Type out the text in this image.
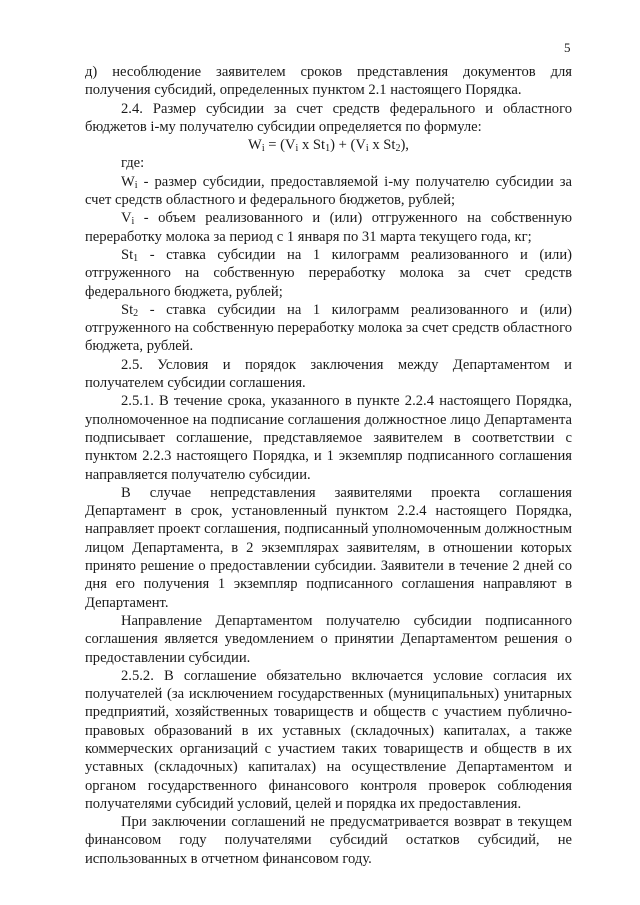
5

д) несоблюдение заявителем сроков представления документов для получения субсидий, определенных пунктом 2.1 настоящего Порядка.

2.4. Размер субсидии за счет средств федерального и областного бюджетов i-му получателю субсидии определяется по формуле:

$W_i = (V_i$ x $St_1) + (V_i$ x $St_2$),

где:

$W_i$ - размер субсидии, предоставляемой i-му получателю субсидии за счет средств областного и федерального бюджетов, рублей;

$V_i$ - объем реализованного и (или) отгруженного на собственную переработку молока за период с 1 января по 31 марта текущего года, кг;

$St_1$ - ставка субсидии на 1 килограмм реализованного и (или) отгруженного на собственную переработку молока за счет средств федерального бюджета, рублей;

$St_2$ - ставка субсидии на 1 килограмм реализованного и (или) отгруженного на собственную переработку молока за счет средств областного бюджета, рублей.

2.5. Условия и порядок заключения между Департаментом и получателем субсидии соглашения.

2.5.1. В течение срока, указанного в пункте 2.2.4 настоящего Порядка, уполномоченное на подписание соглашения должностное лицо Департамента подписывает соглашение, представляемое заявителем в соответствии с пунктом 2.2.3 настоящего Порядка, и 1 экземпляр подписанного соглашения направляется получателю субсидии.

В случае непредставления заявителями проекта соглашения Департамент в срок, установленный пунктом 2.2.4 настоящего Порядка, направляет проект соглашения, подписанный уполномоченным должностным лицом Департамента, в 2 экземплярах заявителям, в отношении которых принято решение о предоставлении субсидии. Заявители в течение 2 дней со дня его получения 1 экземпляр подписанного соглашения направляют в Департамент.

Направление Департаментом получателю субсидии подписанного соглашения является уведомлением о принятии Департаментом решения о предоставлении субсидии.

2.5.2. В соглашение обязательно включается условие согласия их получателей (за исключением государственных (муниципальных) унитарных предприятий, хозяйственных товариществ и обществ с участием публично-правовых образований в их уставных (складочных) капиталах, а также коммерческих организаций с участием таких товариществ и обществ в их уставных (складочных) капиталах) на осуществление Департаментом и органом государственного финансового контроля проверок соблюдения получателями субсидий условий, целей и порядка их предоставления.

При заключении соглашений не предусматривается возврат в текущем финансовом году получателями субсидий остатков субсидий, не использованных в отчетном финансовом году.
